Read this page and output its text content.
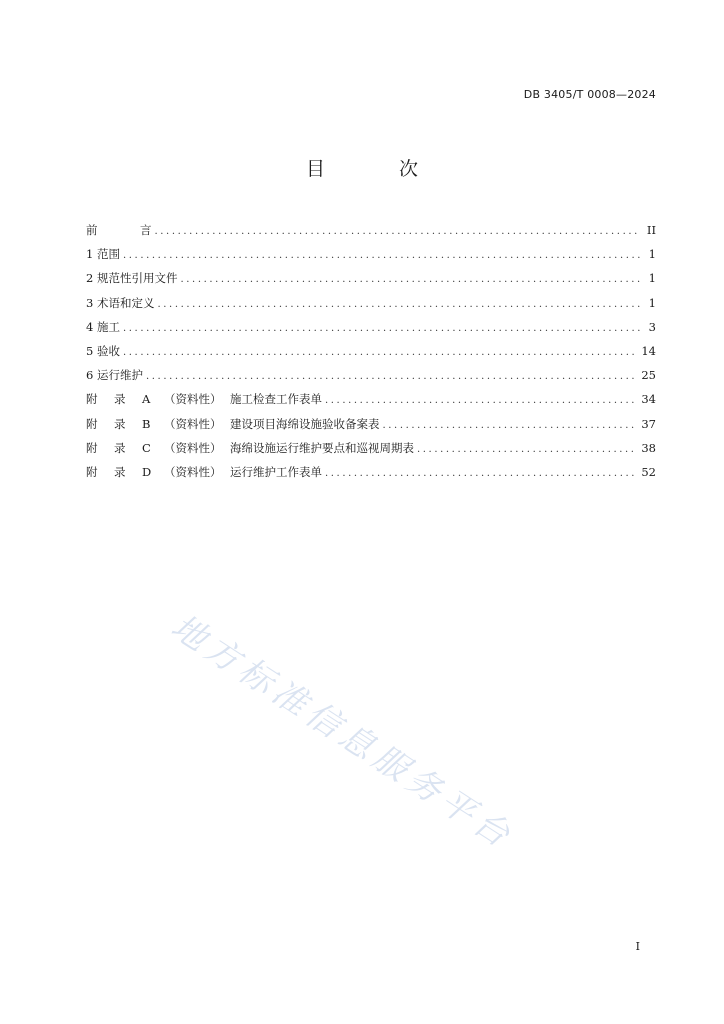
DB 3405/T 0008—2024
目 次
前	言 .....	II
1 范围 .....	1
2 规范性引用文件 .....	1
3 术语和定义 .....	1
4 施工 .....	3
5 验收 .....	14
6 运行维护 .....	25
附	录	A	（资料性） 施工检查工作表单 .....	34
附	录	B	（资料性） 建设项目海绵设施验收备案表 .....	37
附	录	C	（资料性） 海绵设施运行维护要点和巡视周期表 .....	38
附	录	D	（资料性） 运行维护工作表单 .....	52
地方标准信息服务平台
I
